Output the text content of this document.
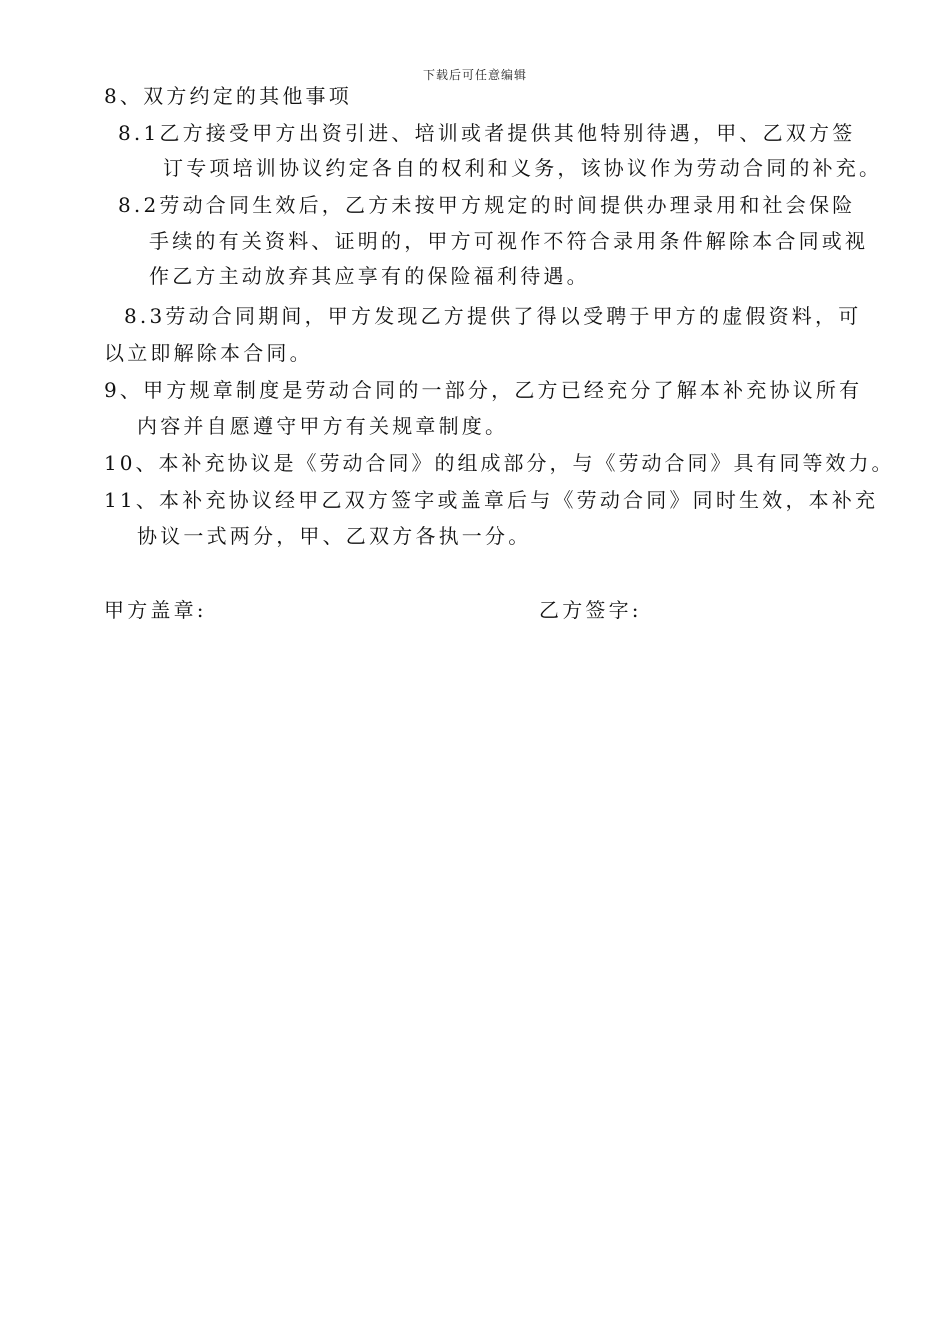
下载后可任意编辑
8、双方约定的其他事项
8.1乙方接受甲方出资引进、培训或者提供其他特别待遇，甲、乙双方签
订专项培训协议约定各自的权利和义务，该协议作为劳动合同的补充。
8.2劳动合同生效后，乙方未按甲方规定的时间提供办理录用和社会保险
手续的有关资料、证明的，甲方可视作不符合录用条件解除本合同或视
作乙方主动放弃其应享有的保险福利待遇。
8.3劳动合同期间，甲方发现乙方提供了得以受聘于甲方的虚假资料，可
以立即解除本合同。
9、甲方规章制度是劳动合同的一部分，乙方已经充分了解本补充协议所有
内容并自愿遵守甲方有关规章制度。
10、本补充协议是《劳动合同》的组成部分，与《劳动合同》具有同等效力。
11、本补充协议经甲乙双方签字或盖章后与《劳动合同》同时生效，本补充
协议一式两分，甲、乙双方各执一分。
甲方盖章:	乙方签字:
